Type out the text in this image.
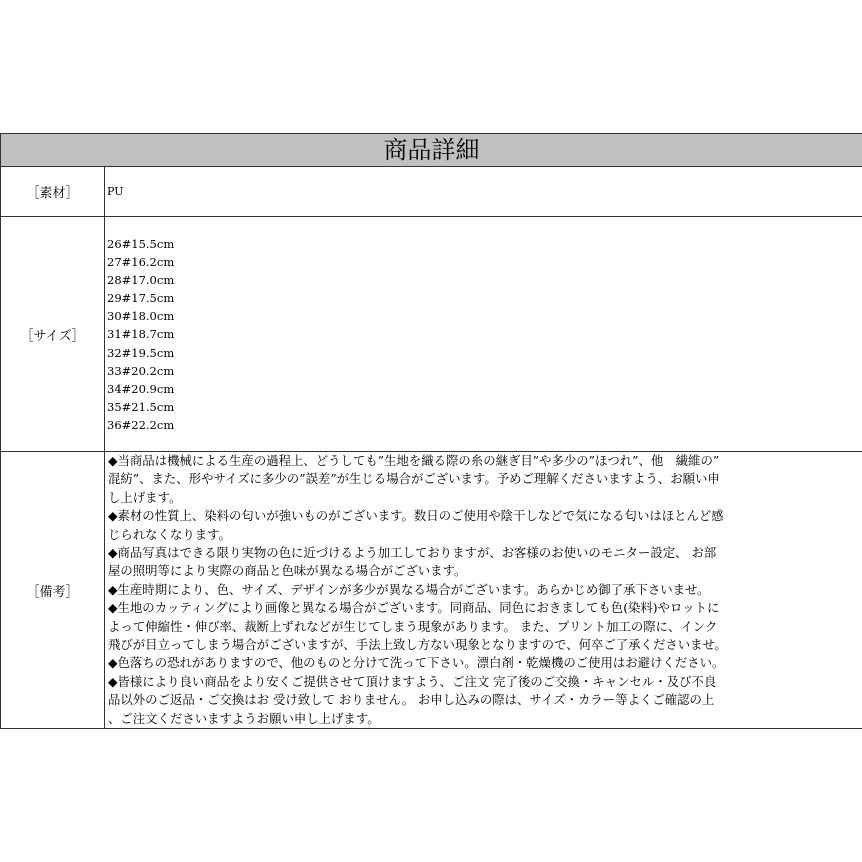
商品詳細
［素材］	PU
［サイズ］
26#15.5cm
27#16.2cm
28#17.0cm
29#17.5cm
30#18.0cm
31#18.7cm
32#19.5cm
33#20.2cm
34#20.9cm
35#21.5cm
36#22.2cm
［備考］
◆当商品は機械による生産の過程上、どうしても”生地を織る際の糸の継ぎ目”や多少の”ほつれ”、他　繊維の”
混紡”、また、形やサイズに多少の”誤差”が生じる場合がございます。予めご理解くださいますよう、お願い申
し上げます。
◆素材の性質上、染料の匂いが強いものがございます。数日のご使用や陰干しなどで気になる匂いはほとんど感
じられなくなります。
◆商品写真はできる限り実物の色に近づけるよう加工しておりますが、お客様のお使いのモニター設定、 お部
屋の照明等により実際の商品と色味が異なる場合がございます。
◆生産時期により、色、サイズ、デザインが多少が異なる場合がございます。あらかじめ御了承下さいませ。
◆生地のカッティングにより画像と異なる場合がございます。同商品、同色におきましても色(染料)やロットに
よって伸縮性・伸び率、裁断上ずれなどが生じてしまう現象があります。 また、プリント加工の際に、インク
飛びが目立ってしまう場合がございますが、手法上致し方ない現象となりますので、何卒ご了承くださいませ。
◆色落ちの恐れがありますので、他のものと分けて洗って下さい。漂白剤・乾燥機のご使用はお避けください。
◆皆様により良い商品をより安くご提供させて頂けますよう、ご注文 完了後のご交換・キャンセル・及び不良
品以外のご返品・ご交換はお 受け致して おりません。 お申し込みの際は、サイズ・カラー等よくご確認の上
、ご注文くださいますようお願い申し上げます。
